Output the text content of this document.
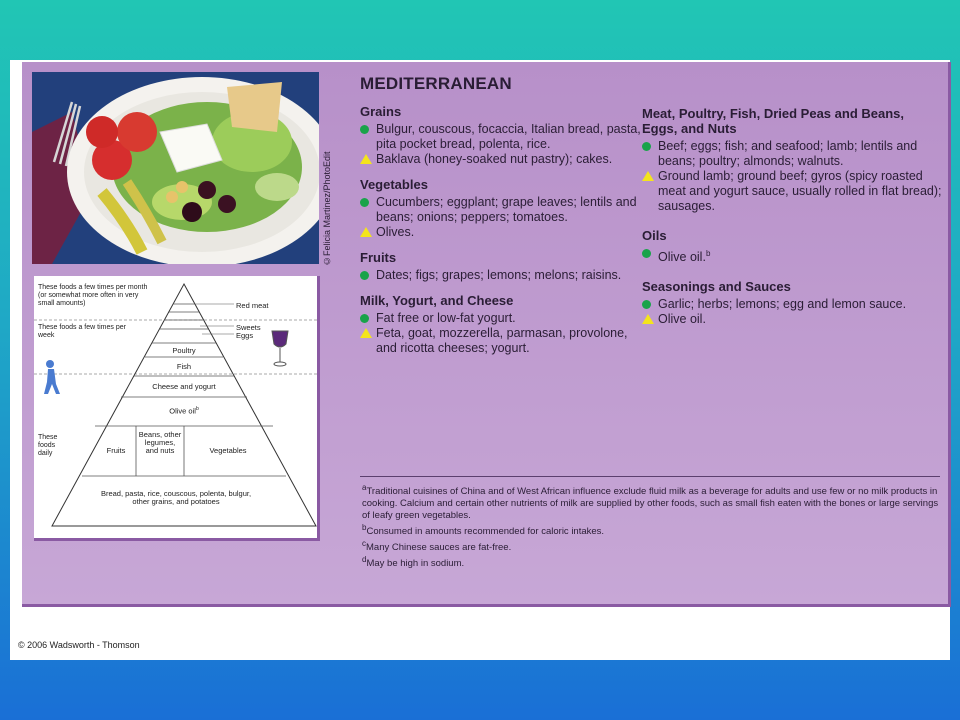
©Felicia Martinez/PhotoEdit
These foods a few times per month (or somewhat more often in very small amounts)
These foods a few times per week
These foods daily
Red meat
Sweets
Eggs
Poultry
Fish
Cheese and yogurt
Olive oil$^b$
Fruits
Beans, other legumes, and nuts	Vegetables
Bread, pasta, rice, couscous, polenta, bulgur, other grains, and potatoes
MEDITERRANEAN
Grains
Bulgur, couscous, focaccia, Italian bread, pasta, pita pocket bread, polenta, rice.
Baklava (honey-soaked nut pastry); cakes.
Vegetables
Cucumbers; eggplant; grape leaves; lentils and beans; onions; peppers; tomatoes.
Olives.
Fruits
Dates; figs; grapes; lemons; melons; raisins.
Milk, Yogurt, and Cheese
Fat free or low-fat yogurt.
Feta, goat, mozzerella, parmasan, provolone, and ricotta cheeses; yogurt.
Meat, Poultry, Fish, Dried Peas and Beans, Eggs, and Nuts
Beef; eggs; fish; and seafood; lamb; lentils and beans; poultry; almonds; walnuts.
Ground lamb; ground beef; gyros (spicy roasted meat and yogurt sauce, usually rolled in flat bread); sausages.
Oils
Olive oil.$^b$
Seasonings and Sauces
Garlic; herbs; lemons; egg and lemon sauce.
Olive oil.

$^a$Traditional cuisines of China and of West African influence exclude fluid milk as a beverage for adults and use few or no milk products in cooking. Calcium and certain other nutrients of milk are supplied by other foods, such as small fish eaten with the bones or large servings of leafy green vegetables.

$^b$Consumed in amounts recommended for caloric intakes.

$^c$Many Chinese sauces are fat-free.

$^d$May be high in sodium.

© 2006 Wadsworth - Thomson
